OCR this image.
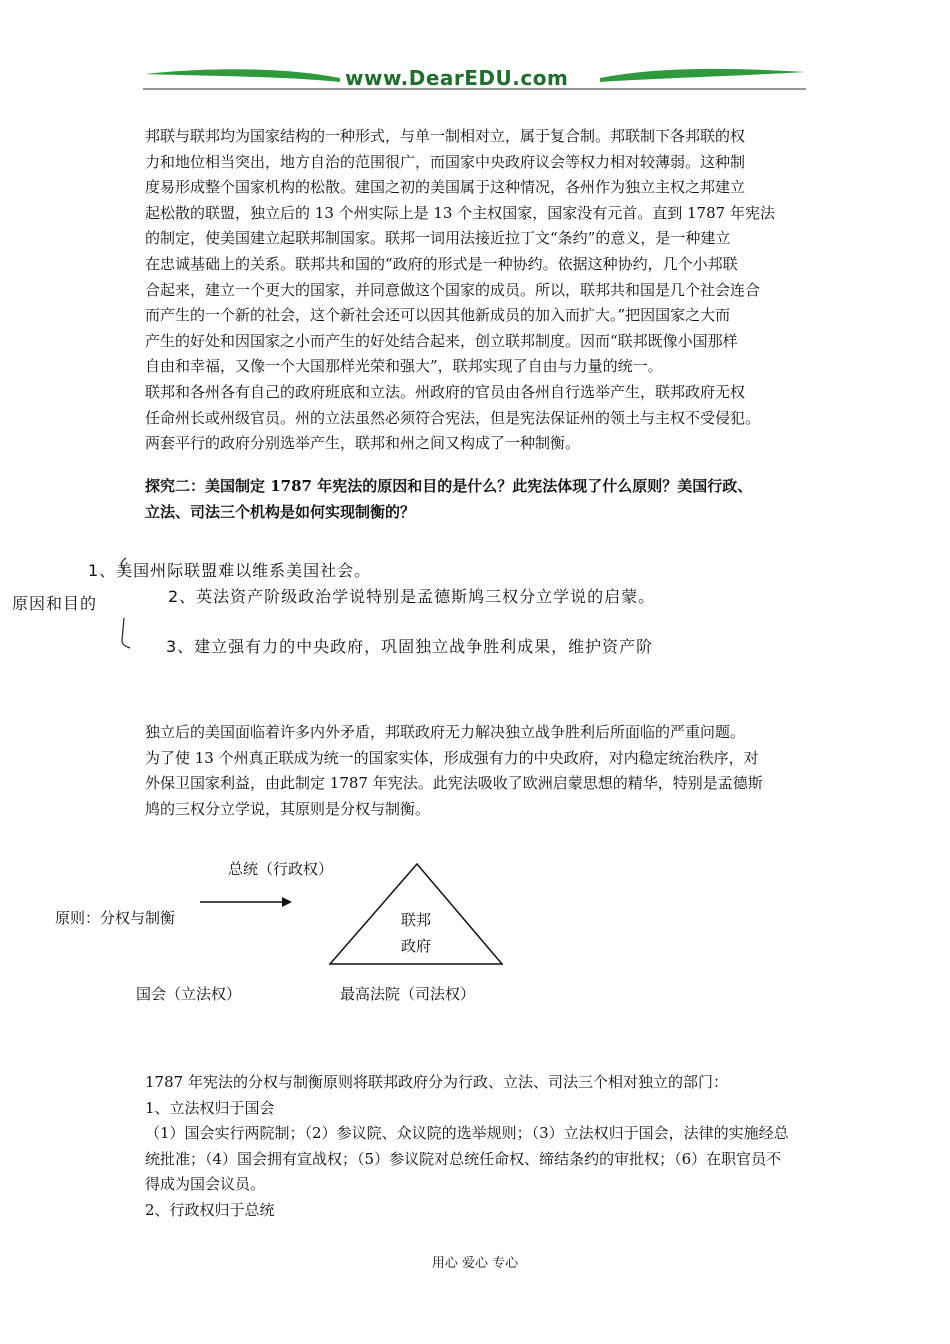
www.DearEDU.com

邦联与联邦均为国家结构的一种形式，与单一制相对立，属于复合制。邦联制下各邦联的权

力和地位相当突出，地方自治的范围很广，而国家中央政府议会等权力相对较薄弱。这种制

度易形成整个国家机构的松散。建国之初的美国属于这种情况，各州作为独立主权之邦建立

起松散的联盟，独立后的 13 个州实际上是 13 个主权国家，国家没有元首。直到 1787 年宪法

的制定，使美国建立起联邦制国家。联邦一词用法接近拉丁文“条约”的意义，是一种建立

在忠诚基础上的关系。联邦共和国的“政府的形式是一种协约。依据这种协约，几个小邦联

合起来，建立一个更大的国家，并同意做这个国家的成员。所以，联邦共和国是几个社会连合

而产生的一个新的社会，这个新社会还可以因其他新成员的加入而扩大。”把因国家之大而

产生的好处和因国家之小而产生的好处结合起来，创立联邦制度。因而“联邦既像小国那样

自由和幸福，又像一个大国那样光荣和强大”，联邦实现了自由与力量的统一。

联邦和各州各有自己的政府班底和立法。州政府的官员由各州自行选举产生，联邦政府无权

任命州长或州级官员。州的立法虽然必须符合宪法，但是宪法保证州的领土与主权不受侵犯。

两套平行的政府分别选举产生，联邦和州之间又构成了一种制衡。

探究二：美国制定 1787 年宪法的原因和目的是什么？此宪法体现了什么原则？美国行政、

立法、司法三个机构是如何实现制衡的？

1、美国州际联盟难以维系美国社会。
原因和目的	2、英法资产阶级政治学说特别是孟德斯鸠三权分立学说的启蒙。
3、建立强有力的中央政府，巩固独立战争胜利成果，维护资产阶

独立后的美国面临着许多内外矛盾，邦联政府无力解决独立战争胜利后所面临的严重问题。

为了使 13 个州真正联成为统一的国家实体，形成强有力的中央政府，对内稳定统治秩序，对

外保卫国家利益，由此制定 1787 年宪法。此宪法吸收了欧洲启蒙思想的精华，特别是孟德斯

鸠的三权分立学说，其原则是分权与制衡。

总统（行政权）
原则：分权与制衡	联邦
政府
国会（立法权）	最高法院（司法权）

1787 年宪法的分权与制衡原则将联邦政府分为行政、立法、司法三个相对独立的部门：

1、立法权归于国会

（1）国会实行两院制；（2）参议院、众议院的选举规则；（3）立法权归于国会，法律的实施经总

统批准；（4）国会拥有宣战权；（5）参议院对总统任命权、缔结条约的审批权；（6）在职官员不

得成为国会议员。

2、行政权归于总统

用心 爱心 专心
